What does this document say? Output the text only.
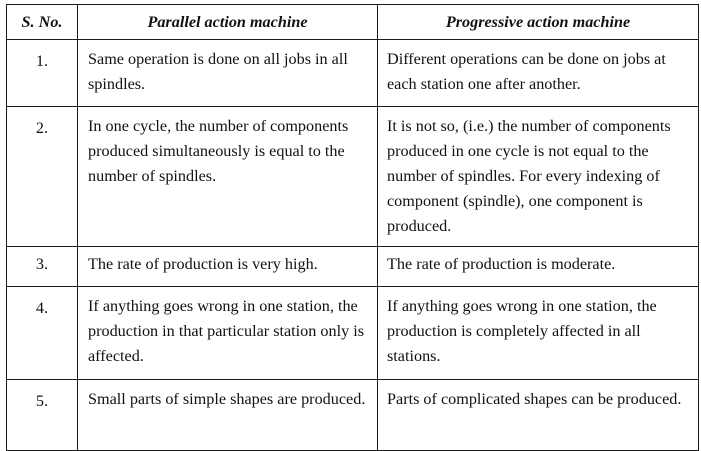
S. No.	Parallel action machine	Progressive action machine
1.	Same operation is done on all jobs in all spindles.	Different operations can be done on jobs at each station one after another.
2.	In one cycle, the number of components produced simultaneously is equal to the number of spindles.	It is not so, (i.e.) the number of components produced in one cycle is not equal to the number of spindles. For every indexing of component (spindle), one component is produced.
3.	The rate of production is very high.	The rate of production is moderate.
4.	If anything goes wrong in one station, the production in that particular station only is affected.	If anything goes wrong in one station, the production is completely affected in all stations.
5.	Small parts of simple shapes are produced.	Parts of complicated shapes can be produced.
